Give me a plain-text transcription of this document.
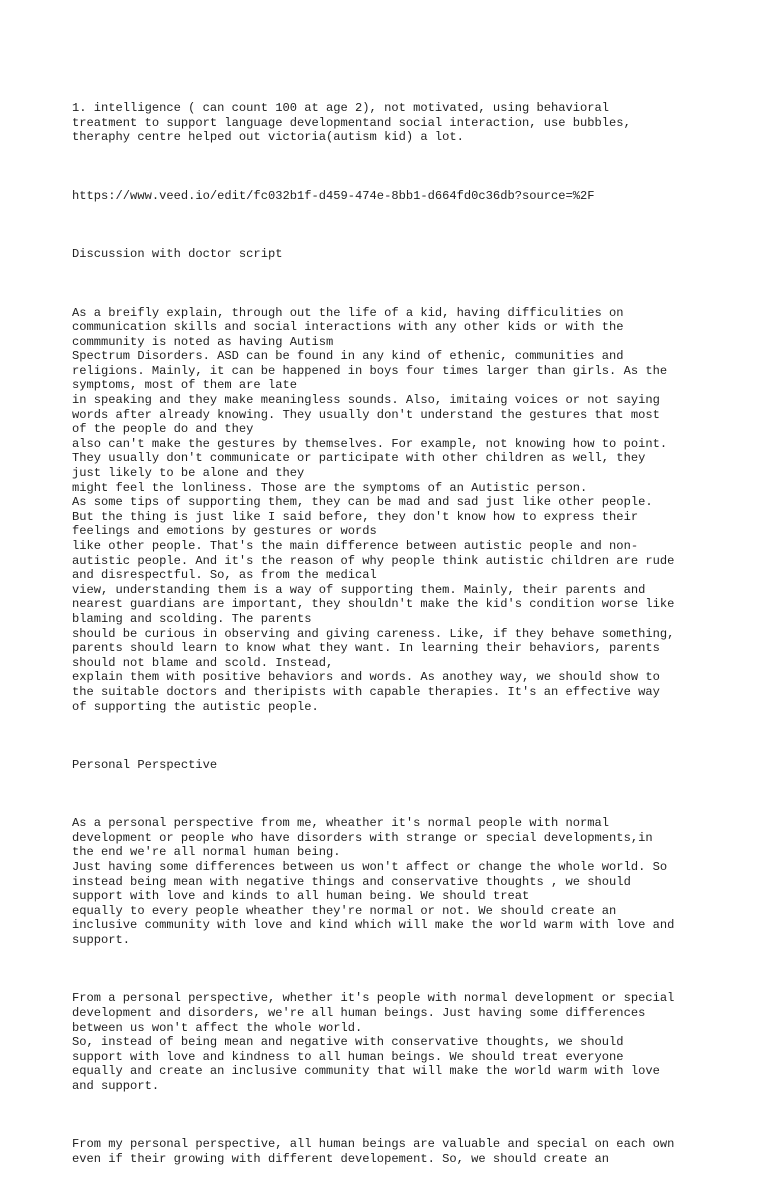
1. intelligence ( can count 100 at age 2), not motivated, using behavioral
treatment to support language developmentand social interaction, use bubbles,
theraphy centre helped out victoria(autism kid) a lot.

https://www.veed.io/edit/fc032b1f-d459-474e-8bb1-d664fd0c36db?source=%2F

Discussion with doctor script

As a breifly explain, through out the life of a kid, having difficulities on
communication skills and social interactions with any other kids or with the
commmunity is noted as having Autism
Spectrum Disorders. ASD can be found in any kind of ethenic, communities and
religions. Mainly, it can be happened in boys four times larger than girls. As the
symptoms, most of them are late
in speaking and they make meaningless sounds. Also, imitaing voices or not saying
words after already knowing. They usually don't understand the gestures that most
of the people do and they
also can't make the gestures by themselves. For example, not knowing how to point.
They usually don't communicate or participate with other children as well, they
just likely to be alone and they
might feel the lonliness. Those are the symptoms of an Autistic person.
As some tips of supporting them, they can be mad and sad just like other people.
But the thing is just like I said before, they don't know how to express their
feelings and emotions by gestures or words
like other people. That's the main difference between autistic people and non-
autistic people. And it's the reason of why people think autistic children are rude
and disrespectful. So, as from the medical
view, understanding them is a way of supporting them. Mainly, their parents and
nearest guardians are important, they shouldn't make the kid's condition worse like
blaming and scolding. The parents
should be curious in observing and giving careness. Like, if they behave something,
parents should learn to know what they want. In learning their behaviors, parents
should not blame and scold. Instead,
explain them with positive behaviors and words. As anothey way, we should show to
the suitable doctors and theripists with capable therapies. It's an effective way
of supporting the autistic people.

Personal Perspective

As a personal perspective from me, wheather it's normal people with normal
development or people who have disorders with strange or special developments,in
the end we're all normal human being.
Just having some differences between us won't affect or change the whole world. So
instead being mean with negative things and conservative thoughts , we should
support with love and kinds to all human being. We should treat
equally to every people wheather they're normal or not. We should create an
inclusive community with love and kind which will make the world warm with love and
support.

From a personal perspective, whether it's people with normal development or special
development and disorders, we're all human beings. Just having some differences
between us won't affect the whole world.
So, instead of being mean and negative with conservative thoughts, we should
support with love and kindness to all human beings. We should treat everyone
equally and create an inclusive community that will make the world warm with love
and support.

From my personal perspective, all human beings are valuable and special on each own
even if their growing with different developement. So, we should create an
